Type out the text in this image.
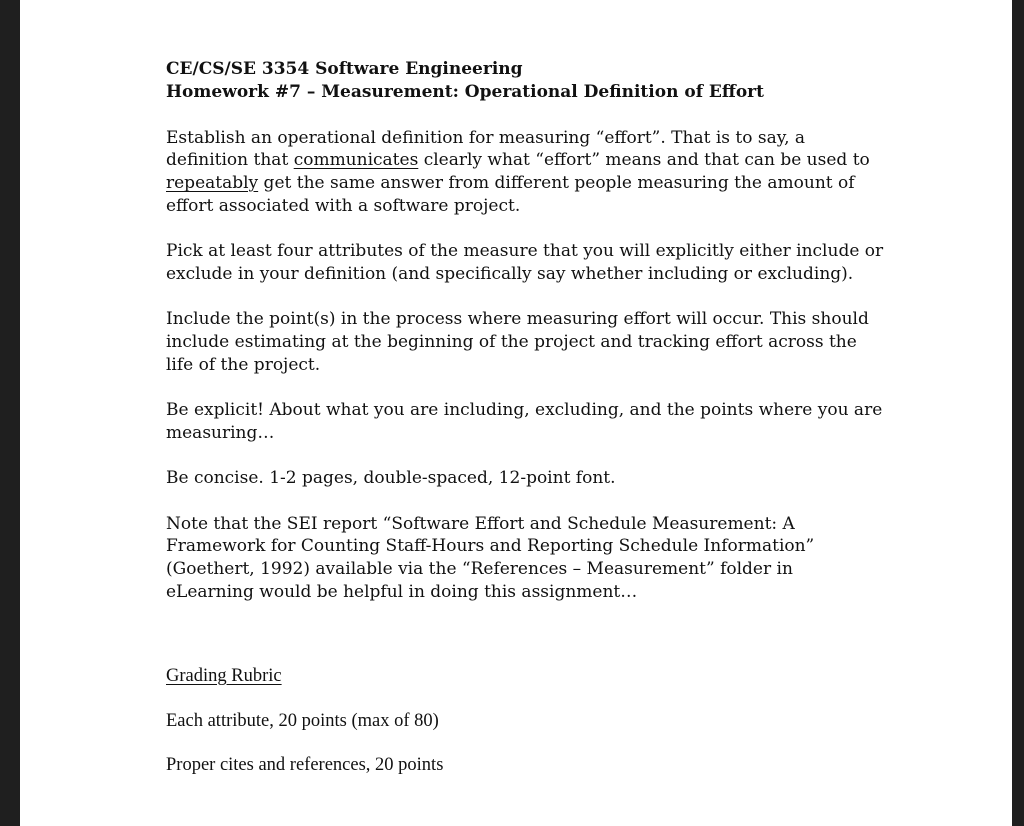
CE/CS/SE 3354 Software Engineering

Homework #7 – Measurement: Operational Definition of Effort

Establish an operational definition for measuring “effort”. That is to say, a definition that communicates clearly what “effort” means and that can be used to repeatably get the same answer from different people measuring the amount of effort associated with a software project.

Pick at least four attributes of the measure that you will explicitly either include or exclude in your definition (and specifically say whether including or excluding).

Include the point(s) in the process where measuring effort will occur. This should include estimating at the beginning of the project and tracking effort across the life of the project.

Be explicit! About what you are including, excluding, and the points where you are measuring…

Be concise. 1-2 pages, double-spaced, 12-point font.

Note that the SEI report “Software Effort and Schedule Measurement: A Framework for Counting Staff-Hours and Reporting Schedule Information” (Goethert, 1992) available via the “References – Measurement” folder in eLearning would be helpful in doing this assignment…

Grading Rubric

Each attribute, 20 points (max of 80)

Proper cites and references, 20 points
